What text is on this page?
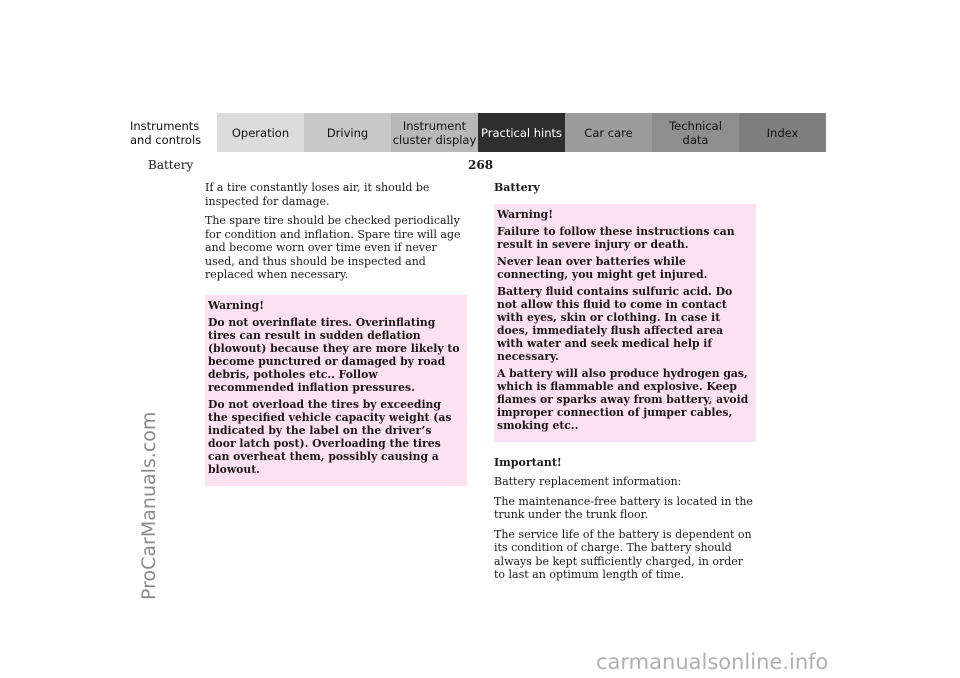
Instruments
and controls	Operation	Driving	Instrument
cluster display Practical hints Car care	Technical
data	Index
Battery	268
ProCarManuals.com

If a tire constantly loses air, it should be inspected for damage.

The spare tire should be checked periodically for condition and inflation. Spare tire will age and become worn over time even if never used, and thus should be inspected and replaced when necessary.

Warning!

Do not overinflate tires. Overinflating tires can result in sudden deflation (blowout) because they are more likely to become punctured or damaged by road debris, potholes etc.. Follow recommended inflation pressures.

Do not overload the tires by exceeding the specified vehicle capacity weight (as indicated by the label on the driver’s door latch post). Overloading the tires can overheat them, possibly causing a blowout.

Battery
Warning!

Failure to follow these instructions can result in severe injury or death.

Never lean over batteries while connecting, you might get injured.

Battery fluid contains sulfuric acid. Do not allow this fluid to come in contact with eyes, skin or clothing. In case it does, immediately flush affected area with water and seek medical help if necessary.

A battery will also produce hydrogen gas, which is flammable and explosive. Keep flames or sparks away from battery, avoid improper connection of jumper cables, smoking etc..

Important!

Battery replacement information:

The maintenance-free battery is located in the trunk under the trunk floor.

The service life of the battery is dependent on its condition of charge. The battery should always be kept sufficiently charged, in order to last an optimum length of time.

carmanualsonline.info
